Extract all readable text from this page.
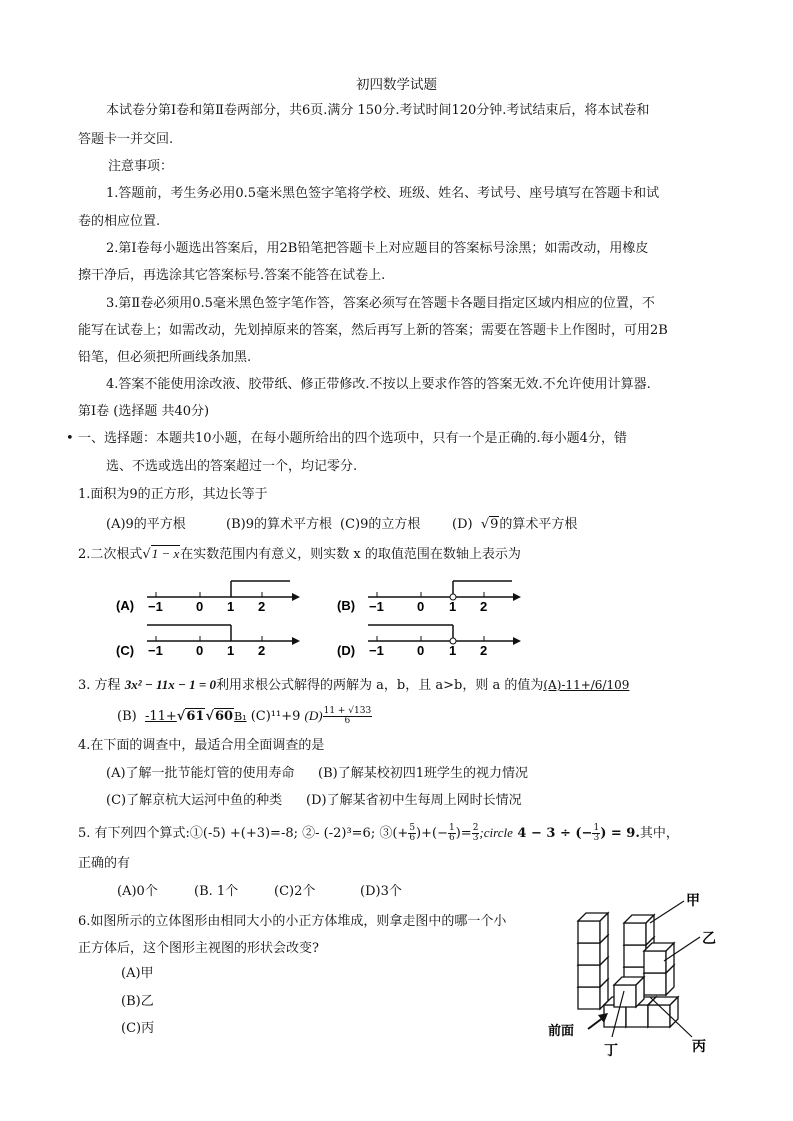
初四数学试题
本试卷分第Ⅰ卷和第Ⅱ卷两部分，共6页.满分 150分.考试时间120分钟.考试结束后，将本试卷和
答题卡一并交回.
注意事项：
1.答题前，考生务必用0.5毫米黑色签字笔将学校、班级、姓名、考试号、座号填写在答题卡和试
卷的相应位置.
2.第Ⅰ卷每小题选出答案后，用2B铅笔把答题卡上对应题目的答案标号涂黑；如需改动，用橡皮
擦干净后，再选涂其它答案标号.答案不能答在试卷上.
3.第Ⅱ卷必须用0.5毫米黑色签字笔作答，答案必须写在答题卡各题目指定区域内相应的位置，不
能写在试卷上；如需改动，先划掉原来的答案，然后再写上新的答案；需要在答题卡上作图时，可用2B
铅笔，但必须把所画线条加黑.
4.答案不能使用涂改液、胶带纸、修正带修改.不按以上要求作答的答案无效.不允许使用计算器.
第Ⅰ卷 (选择题 共40分)
• 一、选择题：本题共10小题，在每小题所给出的四个选项中，只有一个是正确的.每小题4分，错
选、不选或选出的答案超过一个，均记零分.
1.面积为9的正方形，其边长等于
(A)9的平方根	(B)9的算术平方根 (C)9的立方根 (D)  √9的算术平方根
2.二次根式√1 − x在实数范围内有意义，则实数 x 的取值范围在数轴上表示为
(A) −1	0 1 2	(B) −1	0 1 2
(C) −1	0 1 2	(D) −1	0 1 2
3. 方程 3x² − 11x − 1 = 0利用求根公式解得的两解为 a，b，且 a>b，则 a 的值为(A)-11+/6/109
(B) -11+√61√60B₁ (C)¹¹+9 $(D) \frac{11 + √133}{6}$
4.在下面的调查中，最适合用全面调查的是
(A)了解一批节能灯管的使用寿命 (B)了解某校初四1班学生的视力情况
(C)了解京杭大运河中鱼的种类 (D)了解某省初中生每周上网时长情况
5. 有下列四个算式:①(-5) +(+3)=-8; ②- (-2)³=6; ③(+ $\frac{5}{6}$ )+(− $\frac{1}{6}$ )= $\frac{2}{3}$ ;circle 4 − 3 ÷ (− $\frac{1}{3}$ ) = 9.其中，
正确的有
(A)0个	(B. 1个	(C)2个	(D)3个
6.如图所示的立体图形由相同大小的小正方体堆成，则拿走图中的哪一个小
正方体后，这个图形主视图的形状会改变?
(A)甲
(B)乙
(C)丙
甲
乙
丙
丁
前面
